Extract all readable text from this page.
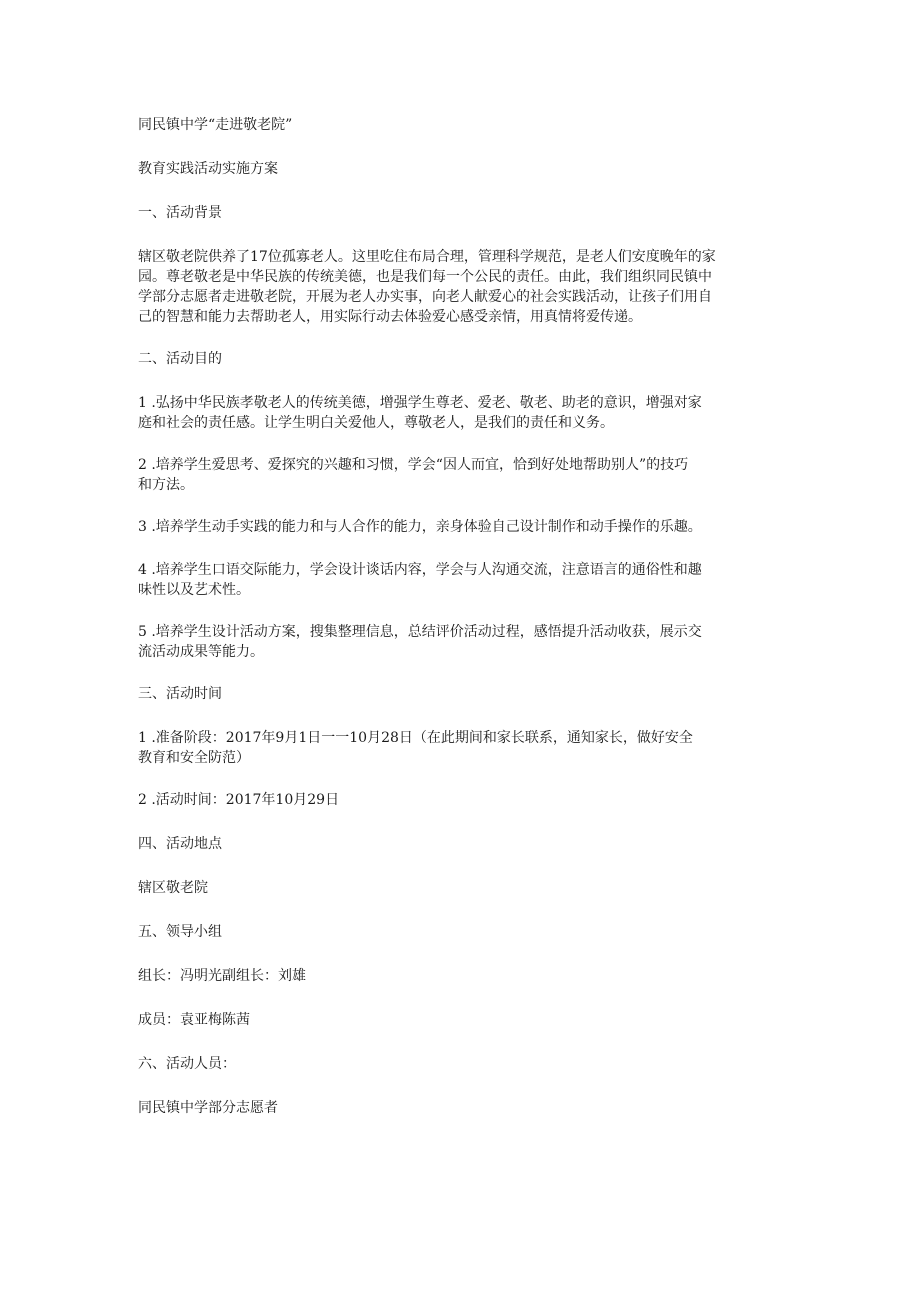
同民镇中学“走进敬老院”

教育实践活动实施方案

一、活动背景

辖区敬老院供养了17位孤寡老人。这里吃住布局合理，管理科学规范，是老人们安度晚年的家
园。尊老敬老是中华民族的传统美德，也是我们每一个公民的责任。由此，我们组织同民镇中
学部分志愿者走进敬老院，开展为老人办实事，向老人献爱心的社会实践活动，让孩子们用自
己的智慧和能力去帮助老人，用实际行动去体验爱心感受亲情，用真情将爱传递。

二、活动目的

1 .弘扬中华民族孝敬老人的传统美德，增强学生尊老、爱老、敬老、助老的意识，增强对家
庭和社会的责任感。让学生明白关爱他人，尊敬老人，是我们的责任和义务。

2 .培养学生爱思考、爱探究的兴趣和习惯，学会“因人而宜，恰到好处地帮助别人”的技巧
和方法。

3 .培养学生动手实践的能力和与人合作的能力，亲身体验自己设计制作和动手操作的乐趣。

4 .培养学生口语交际能力，学会设计谈话内容，学会与人沟通交流，注意语言的通俗性和趣
味性以及艺术性。

5 .培养学生设计活动方案，搜集整理信息，总结评价活动过程，感悟提升活动收获，展示交
流活动成果等能力。

三、活动时间

1 .准备阶段：2017年9月1日一一10月28日（在此期间和家长联系，通知家长，做好安全
教育和安全防范）

2 .活动时间：2017年10月29日

四、活动地点

辖区敬老院

五、领导小组

组长：冯明光副组长：刘雄

成员：袁亚梅陈茜

六、活动人员：

同民镇中学部分志愿者
